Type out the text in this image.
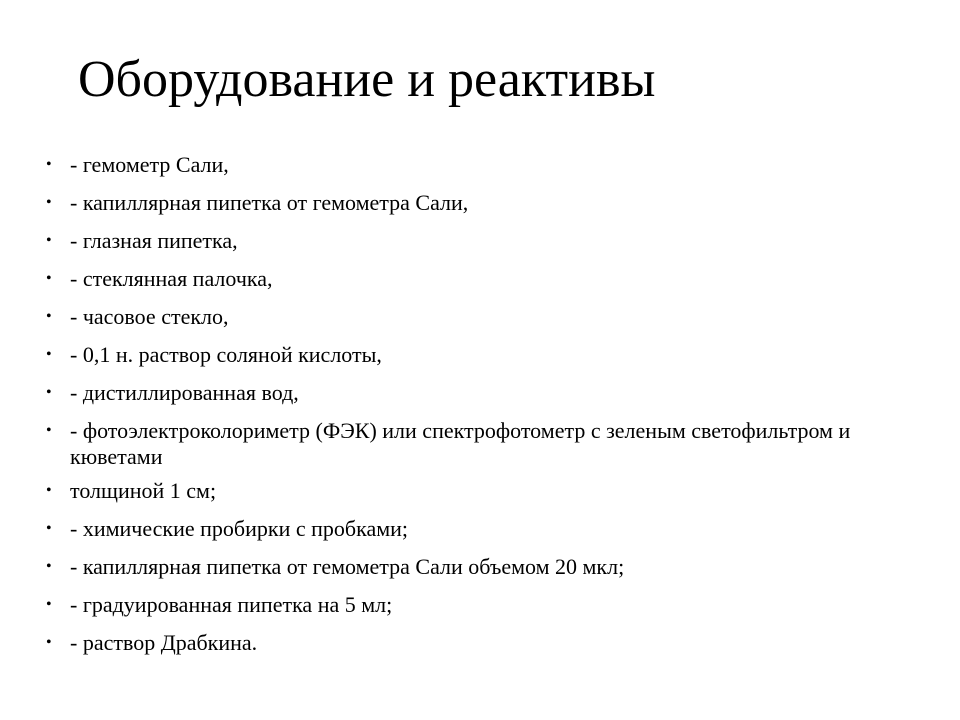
Оборудование и реактивы
• - гемометр Сали,
• - капиллярная пипетка от гемометра Сали,
• - глазная пипетка,
• - стеклянная палочка,
• - часовое стекло,
• - 0,1 н. раствор соляной кислоты,
• - дистиллированная вод,
• - фотоэлектроколориметр (ФЭК) или спектрофотометр с зеленым светофильтром и кюветами
• толщиной 1 см;
• - химические пробирки с пробками;
• - капиллярная пипетка от гемометра Сали объемом 20 мкл;
• - градуированная пипетка на 5 мл;
• - раствор Драбкина.
